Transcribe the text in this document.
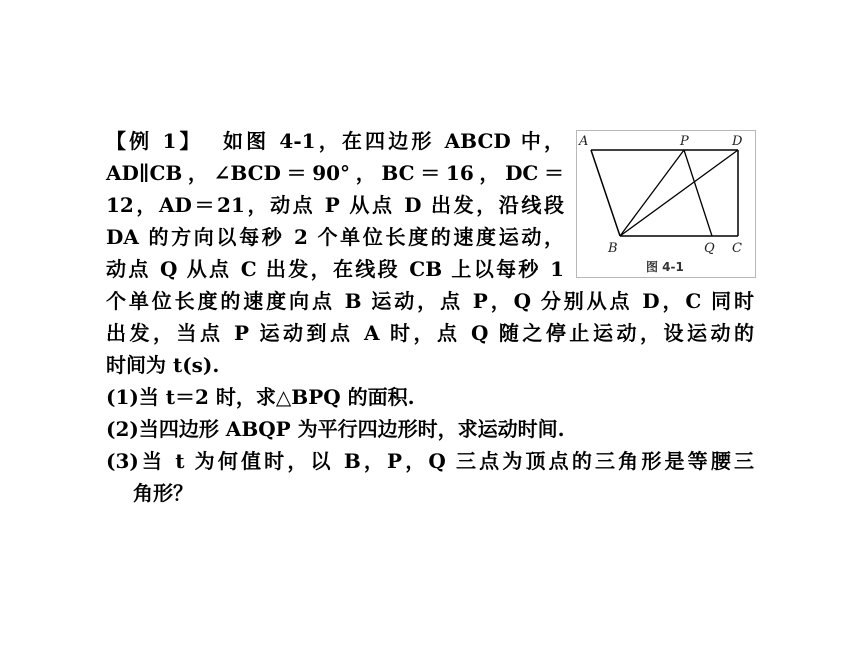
【例 1】 如图 4-1，在四边形 ABCD 中，
AD∥CB，∠BCD＝90°，BC＝16，DC＝
12，AD＝21，动点 P 从点 D 出发，沿线段
DA 的方向以每秒 2 个单位长度的速度运动，
动点 Q 从点 C 出发，在线段 CB 上以每秒 1
个单位长度的速度向点 B 运动，点 P，Q 分别从点 D，C 同时
出发，当点 P 运动到点 A 时，点 Q 随之停止运动，设运动的
时间为 t(s).
(1)当 t＝2 时，求△BPQ 的面积.
(2)当四边形 ABQP 为平行四边形时，求运动时间.
(3)当 t 为何值时，以 B，P，Q 三点为顶点的三角形是等腰三
角形？
A	P	D
B	Q C
图 4-1
